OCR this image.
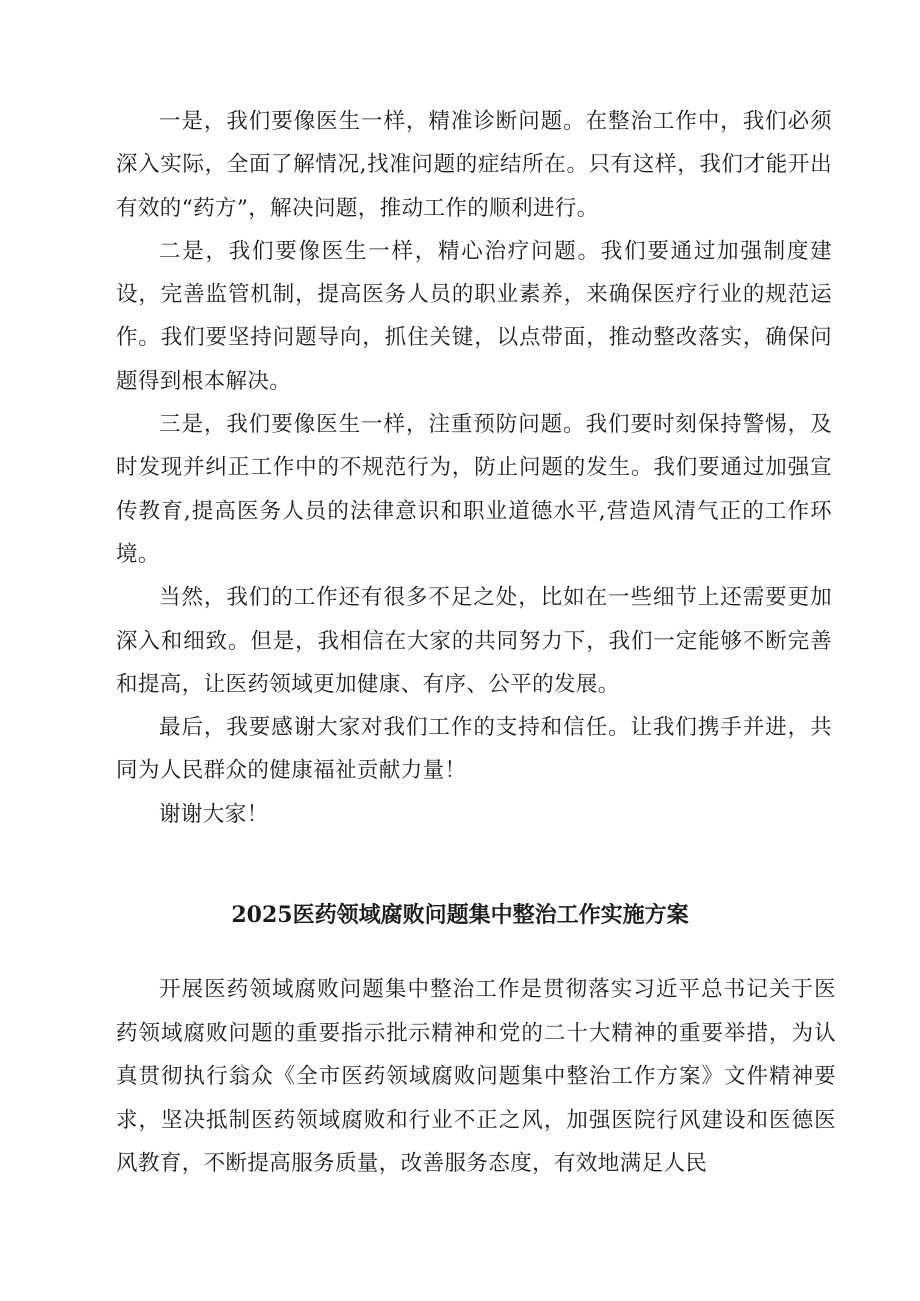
一是，我们要像医生一样，精准诊断问题。在整治工作中，我们必须深入实际，全面了解情况,找准问题的症结所在。只有这样，我们才能开出有效的“药方”，解决问题，推动工作的顺利进行。

二是，我们要像医生一样，精心治疗问题。我们要通过加强制度建设，完善监管机制，提高医务人员的职业素养，来确保医疗行业的规范运作。我们要坚持问题导向，抓住关键，以点带面，推动整改落实，确保问题得到根本解决。

三是，我们要像医生一样，注重预防问题。我们要时刻保持警惕，及时发现并纠正工作中的不规范行为，防止问题的发生。我们要通过加强宣传教育,提高医务人员的法律意识和职业道德水平,营造风清气正的工作环境。

当然，我们的工作还有很多不足之处，比如在一些细节上还需要更加深入和细致。但是，我相信在大家的共同努力下，我们一定能够不断完善和提高，让医药领域更加健康、有序、公平的发展。

最后，我要感谢大家对我们工作的支持和信任。让我们携手并进，共同为人民群众的健康福祉贡献力量！

谢谢大家！

2025医药领域腐败问题集中整治工作实施方案

开展医药领域腐败问题集中整治工作是贯彻落实习近平总书记关于医药领域腐败问题的重要指示批示精神和党的二十大精神的重要举措，为认真贯彻执行翁众《全市医药领域腐败问题集中整治工作方案》文件精神要求，坚决抵制医药领域腐败和行业不正之风，加强医院行风建设和医德医风教育，不断提高服务质量，改善服务态度，有效地满足人民
